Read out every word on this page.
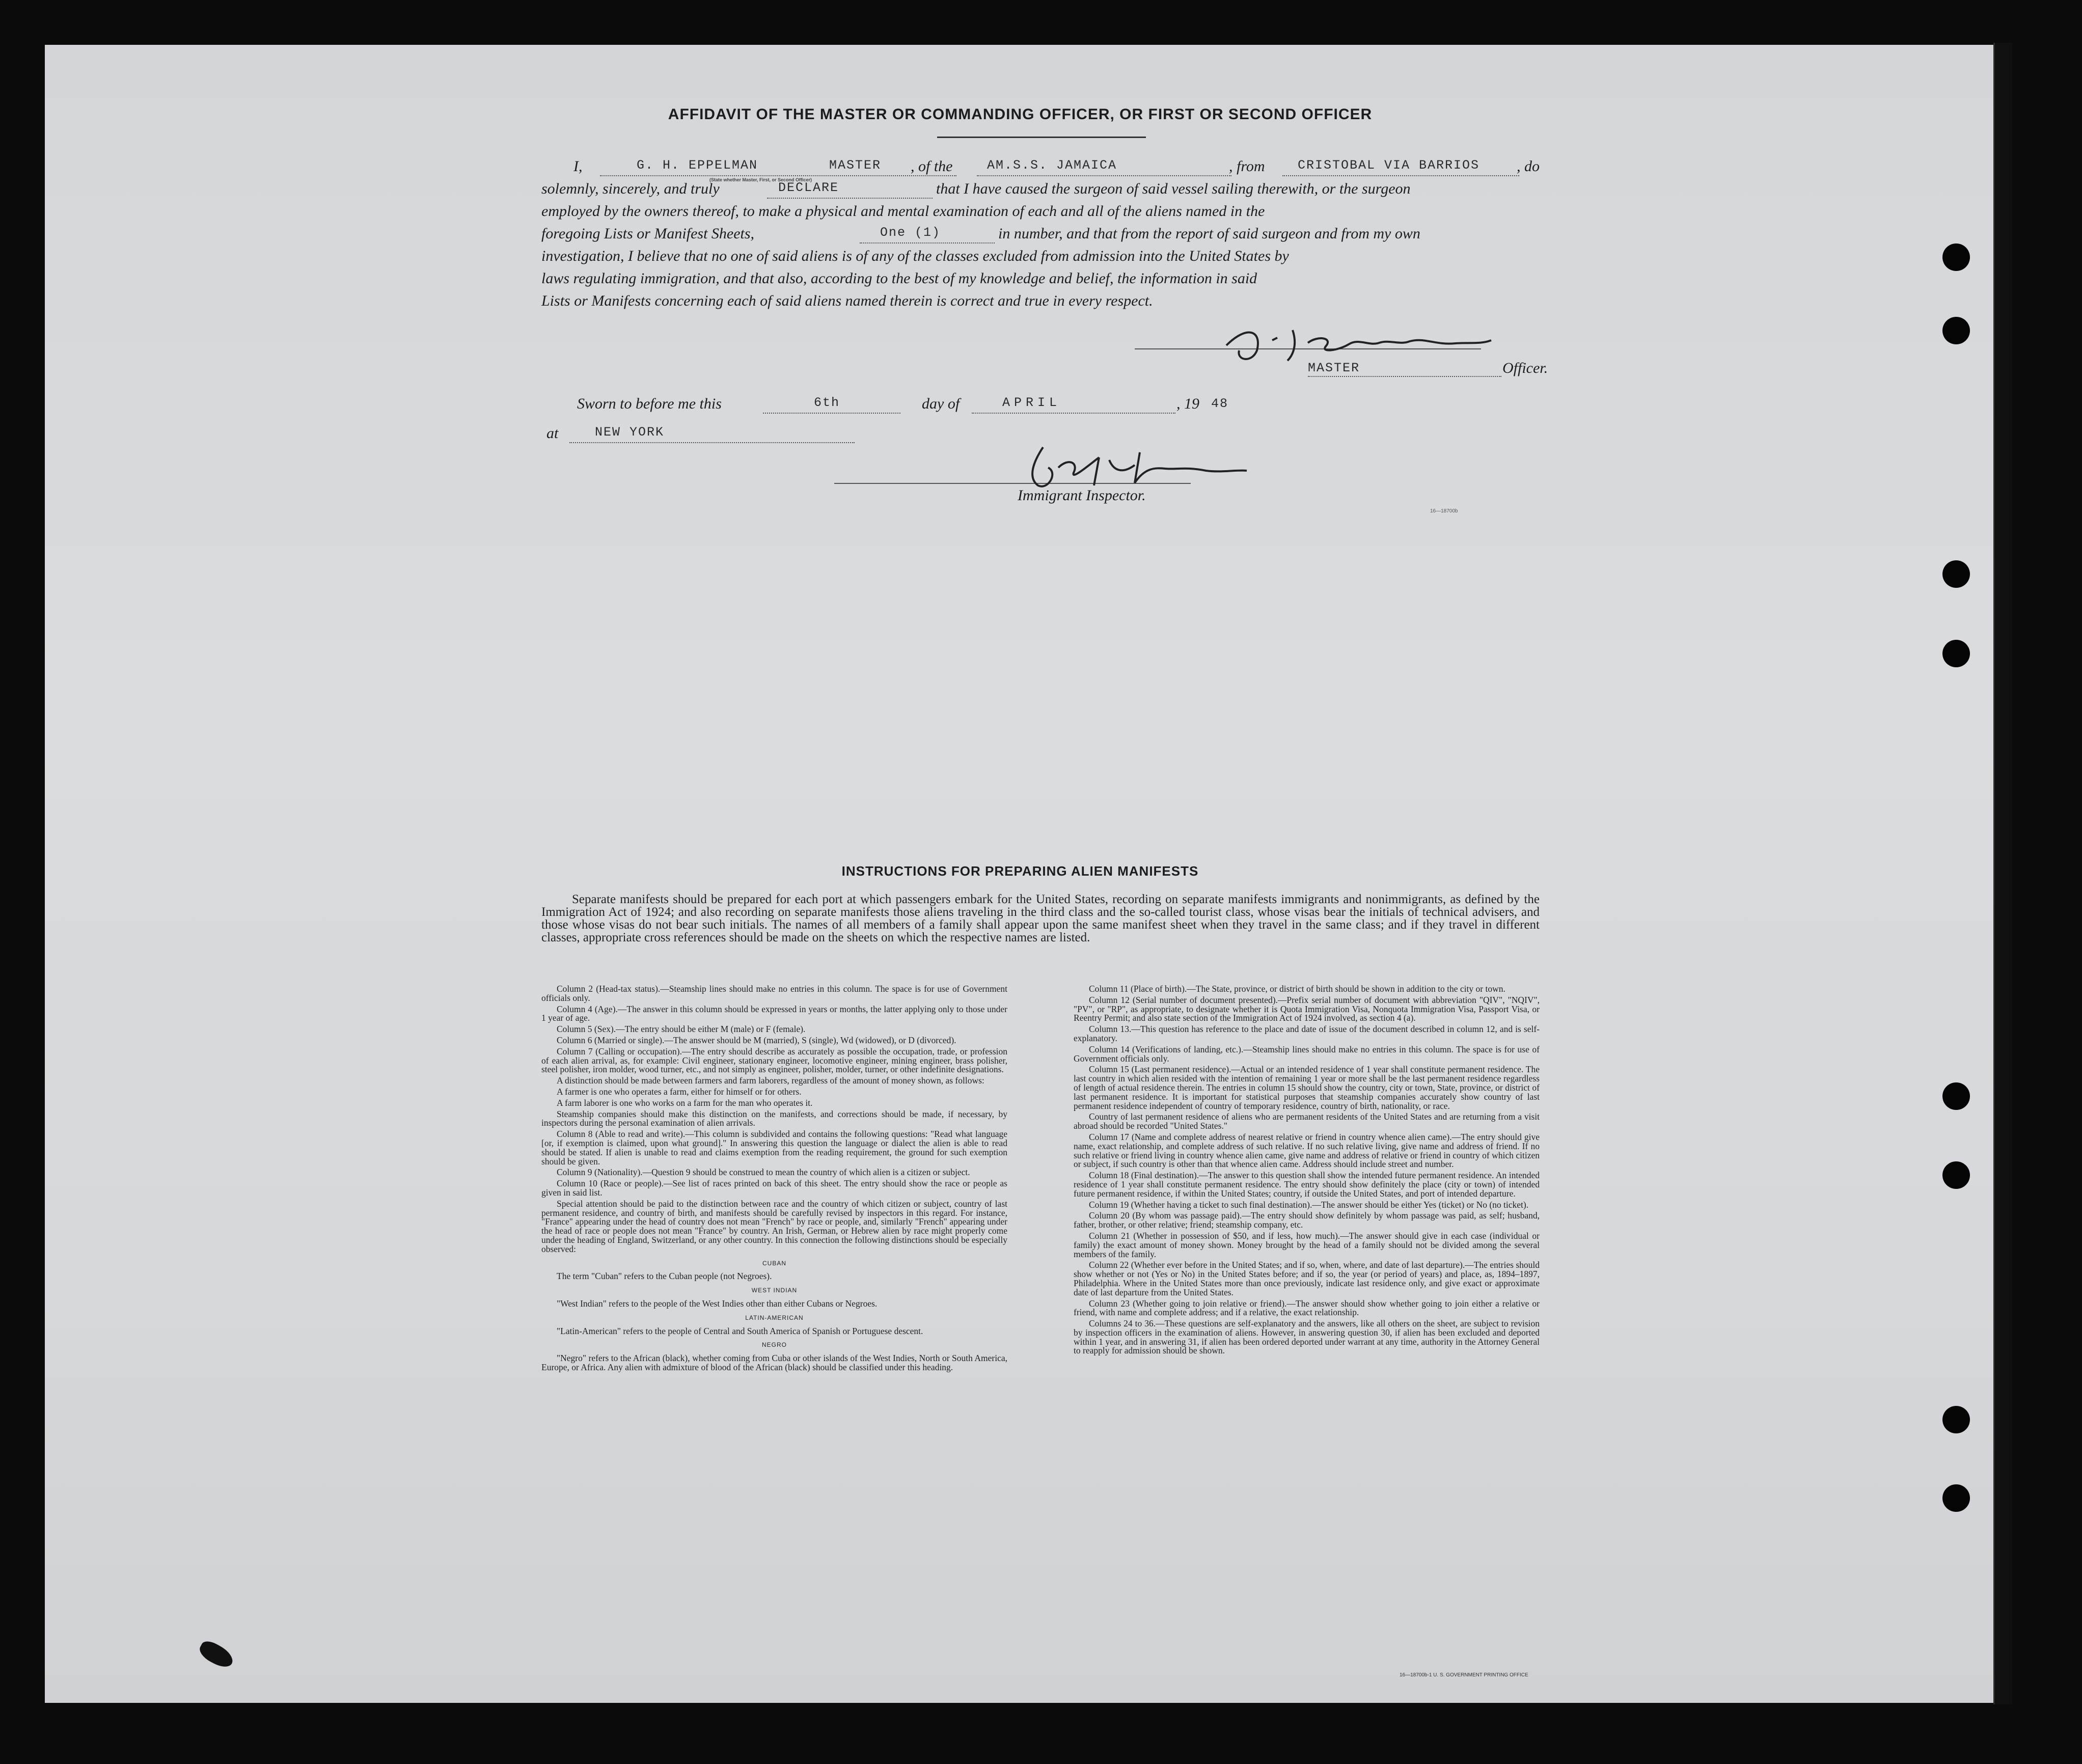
AFFIDAVIT OF THE MASTER OR COMMANDING OFFICER, OR FIRST OR SECOND OFFICER
I,	G. H. EPPELMAN	MASTER
(State whether Master, First, or Second Officer)
, of the	AM.S.S. JAMAICA	, from	CRISTOBAL VIA BARRIOS , do
solemnly, sincerely, and truly	DECLARE	that I have caused the surgeon of said vessel sailing therewith, or the surgeon
employed by the owners thereof, to make a physical and mental examination of each and all of the aliens named in the
foregoing Lists or Manifest Sheets,	One (1)	in number, and that from the report of said surgeon and from my own
investigation, I believe that no one of said aliens is of any of the classes excluded from admission into the United States by
laws regulating immigration, and that also, according to the best of my knowledge and belief, the information in said
Lists or Manifests concerning each of said aliens named therein is correct and true in every respect.
MASTER	Officer.
Sworn to before me this	6th	day of	APRIL	, 19 48
at	NEW YORK
Immigrant Inspector.
16—18700b
INSTRUCTIONS FOR PREPARING ALIEN MANIFESTS
Separate manifests should be prepared for each port at which passengers embark for the United States, recording on separate manifests immigrants and nonimmigrants, as defined by the Immigration Act of 1924; and also recording on separate manifests those aliens traveling in the third class and the so-called tourist class, whose visas bear the initials of technical advisers, and those whose visas do not bear such initials. The names of all members of a family shall appear upon the same manifest sheet when they travel in the same class; and if they travel in different classes, appropriate cross references should be made on the sheets on which the respective names are listed.

Column 2 (Head-tax status).—Steamship lines should make no entries in this column. The space is for use of Government officials only.

Column 4 (Age).—The answer in this column should be expressed in years or months, the latter applying only to those under 1 year of age.

Column 5 (Sex).—The entry should be either M (male) or F (female).

Column 6 (Married or single).—The answer should be M (married), S (single), Wd (widowed), or D (divorced).

Column 7 (Calling or occupation).—The entry should describe as accurately as possible the occupation, trade, or profession of each alien arrival, as, for example: Civil engineer, stationary engineer, locomotive engineer, mining engineer, brass polisher, steel polisher, iron molder, wood turner, etc., and not simply as engineer, polisher, molder, turner, or other indefinite designations.

A distinction should be made between farmers and farm laborers, regardless of the amount of money shown, as follows:

A farmer is one who operates a farm, either for himself or for others.

A farm laborer is one who works on a farm for the man who operates it.

Steamship companies should make this distinction on the manifests, and corrections should be made, if necessary, by inspectors during the personal examination of alien arrivals.

Column 8 (Able to read and write).—This column is subdivided and contains the following questions: "Read what language [or, if exemption is claimed, upon what ground]." In answering this question the language or dialect the alien is able to read should be stated. If alien is unable to read and claims exemption from the reading requirement, the ground for such exemption should be given.

Column 9 (Nationality).—Question 9 should be construed to mean the country of which alien is a citizen or subject.

Column 10 (Race or people).—See list of races printed on back of this sheet. The entry should show the race or people as given in said list.

Special attention should be paid to the distinction between race and the country of which citizen or subject, country of last permanent residence, and country of birth, and manifests should be carefully revised by inspectors in this regard. For instance, "France" appearing under the head of country does not mean "French" by race or people, and, similarly "French" appearing under the head of race or people does not mean "France" by country. An Irish, German, or Hebrew alien by race might properly come under the heading of England, Switzerland, or any other country. In this connection the following distinctions should be especially observed:

CUBAN

The term "Cuban" refers to the Cuban people (not Negroes).

WEST INDIAN

"West Indian" refers to the people of the West Indies other than either Cubans or Negroes.

LATIN-AMERICAN

"Latin-American" refers to the people of Central and South America of Spanish or Portuguese descent.

NEGRO

"Negro" refers to the African (black), whether coming from Cuba or other islands of the West Indies, North or South America, Europe, or Africa. Any alien with admixture of blood of the African (black) should be classified under this heading.

Column 11 (Place of birth).—The State, province, or district of birth should be shown in addition to the city or town.

Column 12 (Serial number of document presented).—Prefix serial number of document with abbreviation "QIV", "NQIV", "PV", or "RP", as appropriate, to designate whether it is Quota Immigration Visa, Nonquota Immigration Visa, Passport Visa, or Reentry Permit; and also state section of the Immigration Act of 1924 involved, as section 4 (a).

Column 13.—This question has reference to the place and date of issue of the document described in column 12, and is self-explanatory.

Column 14 (Verifications of landing, etc.).—Steamship lines should make no entries in this column. The space is for use of Government officials only.

Column 15 (Last permanent residence).—Actual or an intended residence of 1 year shall constitute permanent residence. The last country in which alien resided with the intention of remaining 1 year or more shall be the last permanent residence regardless of length of actual residence therein. The entries in column 15 should show the country, city or town, State, province, or district of last permanent residence. It is important for statistical purposes that steamship companies accurately show country of last permanent residence independent of country of temporary residence, country of birth, nationality, or race.

Country of last permanent residence of aliens who are permanent residents of the United States and are returning from a visit abroad should be recorded "United States."

Column 17 (Name and complete address of nearest relative or friend in country whence alien came).—The entry should give name, exact relationship, and complete address of such relative. If no such relative living, give name and address of friend. If no such relative or friend living in country whence alien came, give name and address of relative or friend in country of which citizen or subject, if such country is other than that whence alien came. Address should include street and number.

Column 18 (Final destination).—The answer to this question shall show the intended future permanent residence. An intended residence of 1 year shall constitute permanent residence. The entry should show definitely the place (city or town) of intended future permanent residence, if within the United States; country, if outside the United States, and port of intended departure.

Column 19 (Whether having a ticket to such final destination).—The answer should be either Yes (ticket) or No (no ticket).

Column 20 (By whom was passage paid).—The entry should show definitely by whom passage was paid, as self; husband, father, brother, or other relative; friend; steamship company, etc.

Column 21 (Whether in possession of $50, and if less, how much).—The answer should give in each case (individual or family) the exact amount of money shown. Money brought by the head of a family should not be divided among the several members of the family.

Column 22 (Whether ever before in the United States; and if so, when, where, and date of last departure).—The entries should show whether or not (Yes or No) in the United States before; and if so, the year (or period of years) and place, as, 1894–1897, Philadelphia. Where in the United States more than once previously, indicate last residence only, and give exact or approximate date of last departure from the United States.

Column 23 (Whether going to join relative or friend).—The answer should show whether going to join either a relative or friend, with name and complete address; and if a relative, the exact relationship.

Columns 24 to 36.—These questions are self-explanatory and the answers, like all others on the sheet, are subject to revision by inspection officers in the examination of aliens. However, in answering question 30, if alien has been excluded and deported within 1 year, and in answering 31, if alien has been ordered deported under warrant at any time, authority in the Attorney General to reapply for admission should be shown.

16—18700b-1 U. S. GOVERNMENT PRINTING OFFICE
